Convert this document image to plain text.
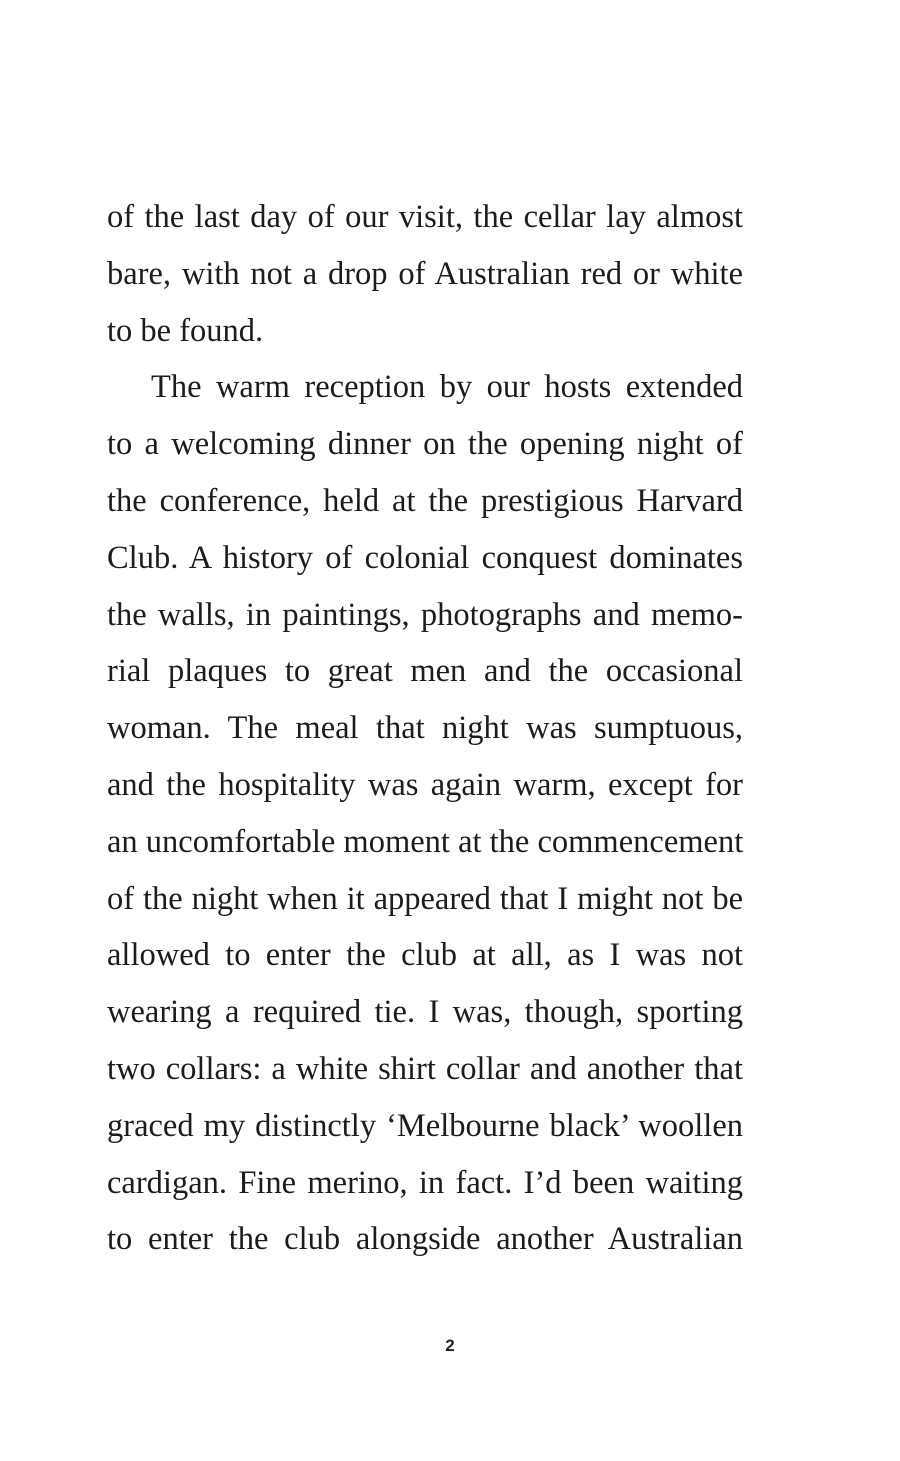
of the last day of our visit, the cellar lay almost
bare, with not a drop of Australian red or white
to be found.
The warm reception by our hosts extended
to a welcoming dinner on the opening night of
the conference, held at the prestigious Harvard
Club. A history of colonial conquest dominates
the walls, in paintings, photographs and memo-
rial plaques to great men and the occasional
woman. The meal that night was sumptuous,
and the hospitality was again warm, except for
an uncomfortable moment at the commencement
of the night when it appeared that I might not be
allowed to enter the club at all, as I was not
wearing a required tie. I was, though, sporting
two collars: a white shirt collar and another that
graced my distinctly ‘Melbourne black’ woollen
cardigan. Fine merino, in fact. I’d been waiting
to enter the club alongside another Australian
2
